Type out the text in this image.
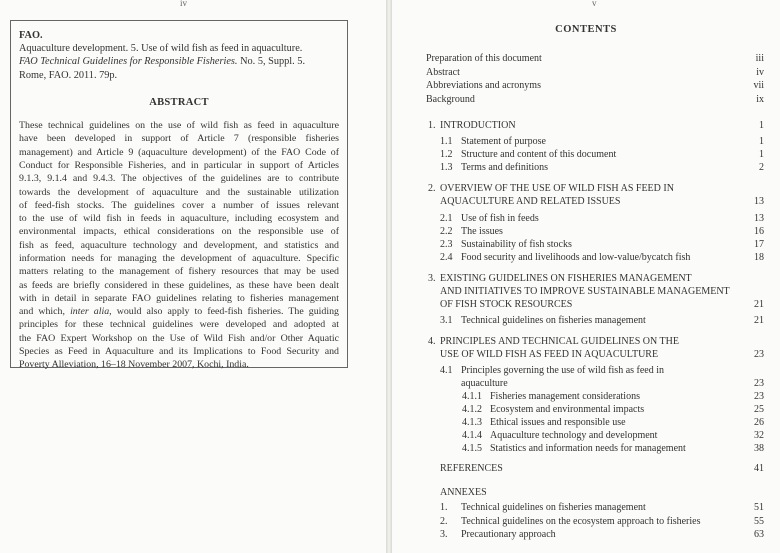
iv
FAO.
Aquaculture development. 5. Use of wild fish as feed in aquaculture.
FAO Technical Guidelines for Responsible Fisheries. No. 5, Suppl. 5.
Rome, FAO. 2011. 79p.
ABSTRACT
These technical guidelines on the use of wild fish as feed in aquaculture
have been developed in support of Article 7 (responsible fisheries
management) and Article 9 (aquaculture development) of the FAO Code of
Conduct for Responsible Fisheries, and in particular in support of Articles
9.1.3, 9.1.4 and 9.4.3. The objectives of the guidelines are to contribute
towards the development of aquaculture and the sustainable utilization
of feed-fish stocks. The guidelines cover a number of issues relevant
to the use of wild fish in feeds in aquaculture, including ecosystem and
environmental impacts, ethical considerations on the responsible use of
fish as feed, aquaculture technology and development, and statistics and
information needs for managing the development of aquaculture. Specific
matters relating to the management of fishery resources that may be used
as feeds are briefly considered in these guidelines, as these have been dealt
with in detail in separate FAO guidelines relating to fisheries management
and which, inter alia, would also apply to feed-fish fisheries. The guiding
principles for these technical guidelines were developed and adopted at
the FAO Expert Workshop on the Use of Wild Fish and/or Other Aquatic
Species as Feed in Aquaculture and its Implications to Food Security and
Poverty Alleviation, 16–18 November 2007, Kochi, India.
v
CONTENTS
Preparation of this document	iii
Abstract	iv
Abbreviations and acronyms	vii
Background	ix
1. INTRODUCTION	1
1.1 Statement of purpose	1
1.2 Structure and content of this document	1
1.3 Terms and definitions	2
2. OVERVIEW OF THE USE OF WILD FISH AS FEED IN
AQUACULTURE AND RELATED ISSUES	13
2.1 Use of fish in feeds	13
2.2 The issues	16
2.3 Sustainability of fish stocks	17
2.4 Food security and livelihoods and low-value/bycatch fish	18
3. EXISTING GUIDELINES ON FISHERIES MANAGEMENT
AND INITIATIVES TO IMPROVE SUSTAINABLE MANAGEMENT
OF FISH STOCK RESOURCES	21
3.1 Technical guidelines on fisheries management	21
4. PRINCIPLES AND TECHNICAL GUIDELINES ON THE
USE OF WILD FISH AS FEED IN AQUACULTURE	23
4.1 Principles governing the use of wild fish as feed in
aquaculture	23
4.1.1 Fisheries management considerations	23
4.1.2 Ecosystem and environmental impacts	25
4.1.3 Ethical issues and responsible use	26
4.1.4 Aquaculture technology and development	32
4.1.5 Statistics and information needs for management	38
REFERENCES	41
ANNEXES
1. Technical guidelines on fisheries management	51
2. Technical guidelines on the ecosystem approach to fisheries	55
3. Precautionary approach	63
